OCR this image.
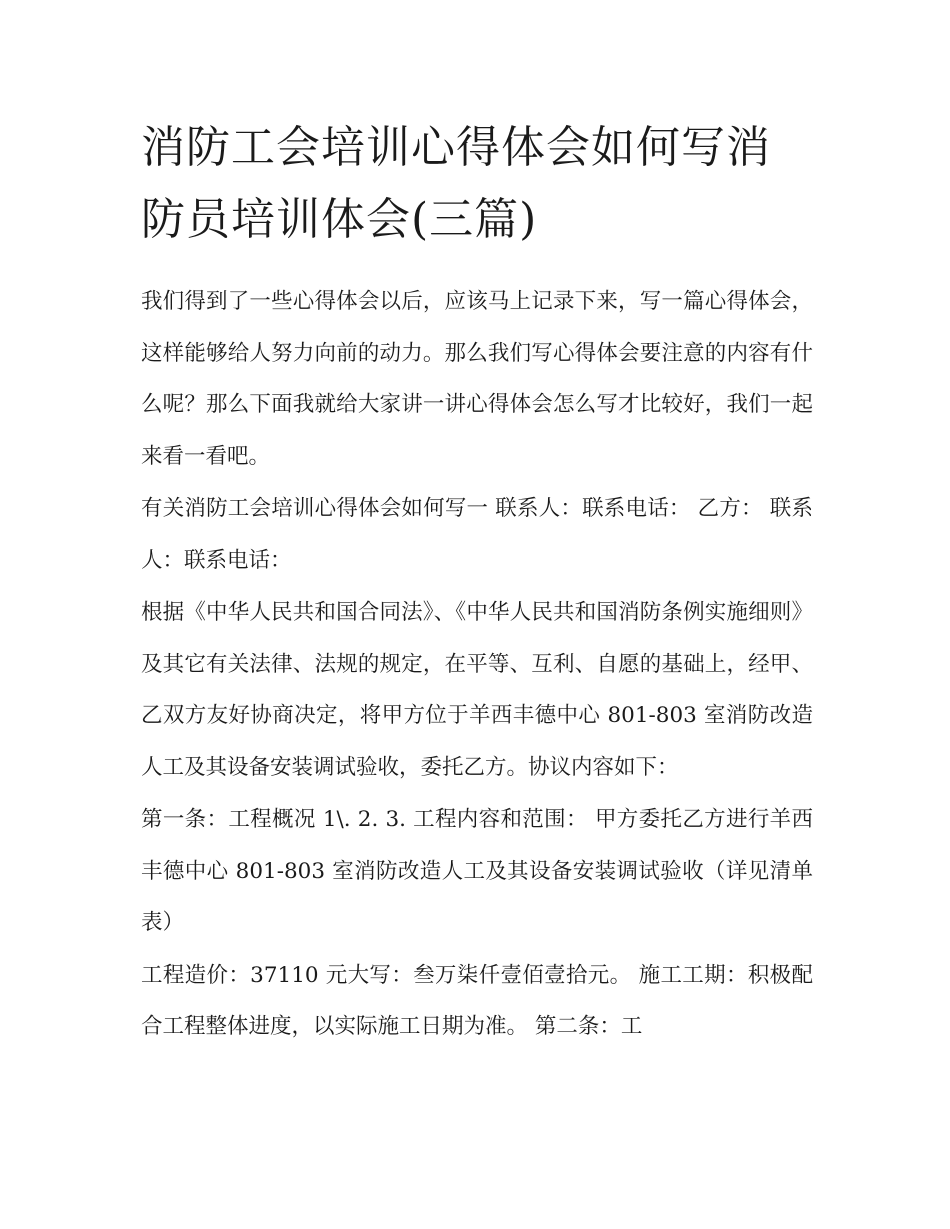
消防工会培训心得体会如何写消防员培训体会(三篇)

我们得到了一些心得体会以后，应该马上记录下来，写一篇心得体会，这样能够给人努力向前的动力。那么我们写心得体会要注意的内容有什么呢？那么下面我就给大家讲一讲心得体会怎么写才比较好，我们一起来看一看吧。

有关消防工会培训心得体会如何写一 联系人：联系电话： 乙方： 联系人：联系电话：

根据《中华人民共和国合同法》、《中华人民共和国消防条例实施细则》及其它有关法律、法规的规定，在平等、互利、自愿的基础上，经甲、乙双方友好协商决定，将甲方位于羊西丰德中心 801-803 室消防改造人工及其设备安装调试验收，委托乙方。协议内容如下：

第一条：工程概况 1\. 2. 3. 工程内容和范围： 甲方委托乙方进行羊西丰德中心 801-803 室消防改造人工及其设备安装调试验收（详见清单表）

工程造价：37110 元大写：叁万柒仟壹佰壹拾元。 施工工期：积极配合工程整体进度，以实际施工日期为准。 第二条：工
